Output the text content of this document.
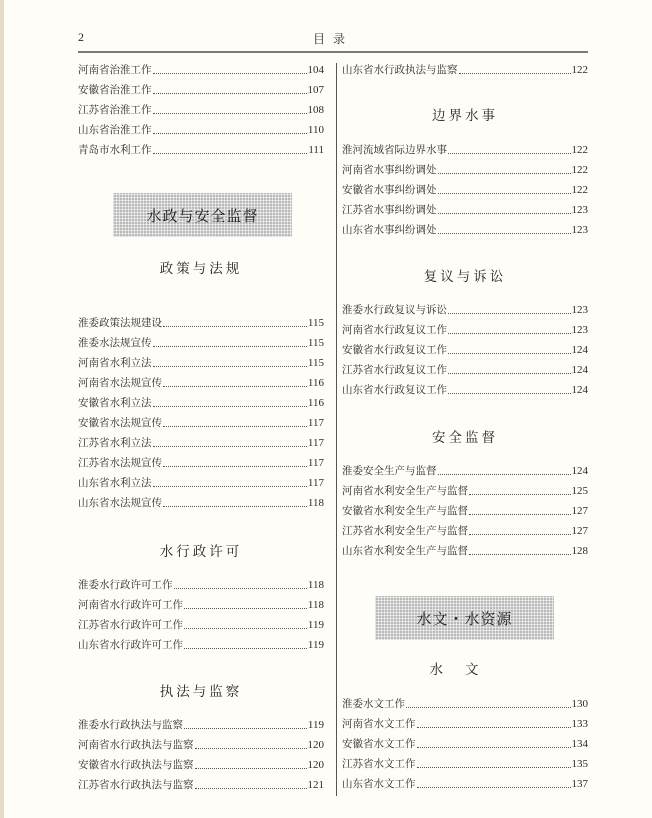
2	目录
河南省治淮工作	104
安徽省治淮工作	107
江苏省治淮工作	108
山东省治淮工作	110
青岛市水利工作	111
水政与安全监督
政策与法规
淮委政策法规建设	115
淮委水法规宣传	115
河南省水利立法	115
河南省水法规宣传	116
安徽省水利立法	116
安徽省水法规宣传	117
江苏省水利立法	117
江苏省水法规宣传	117
山东省水利立法	117
山东省水法规宣传	118
水行政许可
淮委水行政许可工作	118
河南省水行政许可工作	118
江苏省水行政许可工作	119
山东省水行政许可工作	119
执法与监察
淮委水行政执法与监察	119
河南省水行政执法与监察	120
安徽省水行政执法与监察	120
江苏省水行政执法与监察	121
山东省水行政执法与监察	122
边界水事
淮河流域省际边界水事	122
河南省水事纠纷调处	122
安徽省水事纠纷调处	122
江苏省水事纠纷调处	123
山东省水事纠纷调处	123
复议与诉讼
淮委水行政复议与诉讼	123
河南省水行政复议工作	123
安徽省水行政复议工作	124
江苏省水行政复议工作	124
山东省水行政复议工作	124
安全监督
淮委安全生产与监督	124
河南省水利安全生产与监督	125
安徽省水利安全生产与监督	127
江苏省水利安全生产与监督	127
山东省水利安全生产与监督	128
水文・水资源
水文
淮委水文工作	130
河南省水文工作	133
安徽省水文工作	134
江苏省水文工作	135
山东省水文工作	137
